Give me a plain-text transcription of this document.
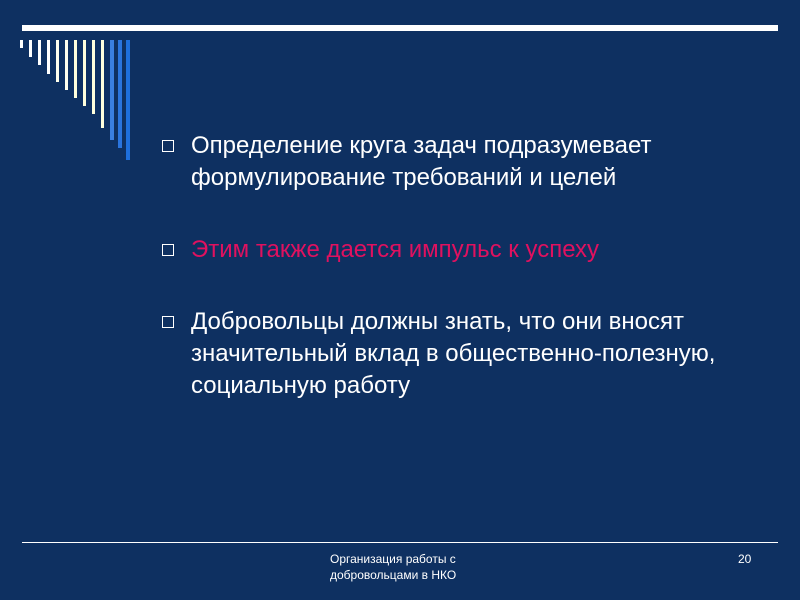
Определение круга задач подразумевает формулирование требований и целей
Этим также дается импульс к успеху
Добровольцы должны знать, что они вносят значительный вклад в общественно-полезную, социальную работу
Организация работы с
добровольцами в НКО
20
